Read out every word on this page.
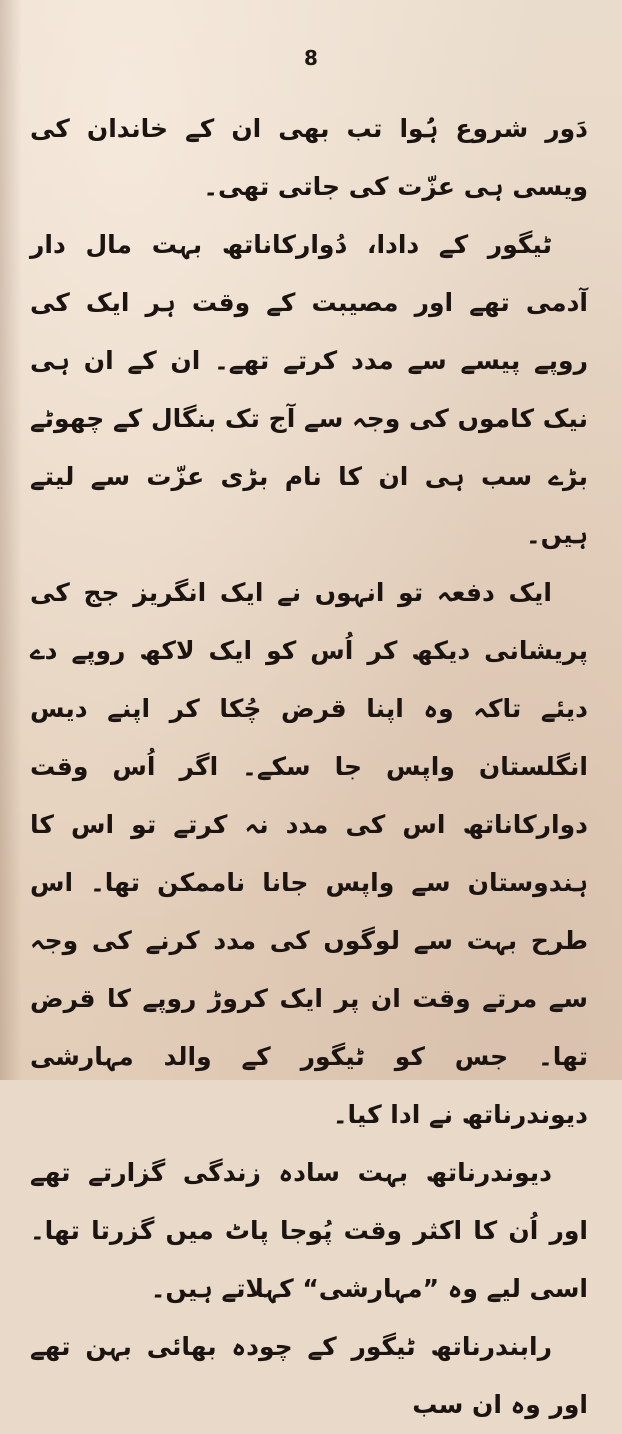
8

دَور شروع ہُوا تب بھی ان کے خاندان کی ویسی ہی عزّت کی جاتی تھی۔

ٹیگور کے دادا، دُوارکاناتھ بہت مال دار آدمی تھے اور مصیبت کے وقت ہر ایک کی روپے پیسے سے مدد کرتے تھے۔ ان کے ان ہی نیک کاموں کی وجہ سے آج تک بنگال کے چھوٹے بڑے سب ہی ان کا نام بڑی عزّت سے لیتے ہیں۔

ایک دفعہ تو انہوں نے ایک انگریز جج کی پریشانی دیکھ کر اُس کو ایک لاکھ روپے دے دیئے تاکہ وہ اپنا قرض چُکا کر اپنے دیس انگلستان واپس جا سکے۔ اگر اُس وقت دوارکاناتھ اس کی مدد نہ کرتے تو اس کا ہندوستان سے واپس جانا ناممکن تھا۔ اس طرح بہت سے لوگوں کی مدد کرنے کی وجہ سے مرتے وقت ان پر ایک کروڑ روپے کا قرض تھا۔ جس کو ٹیگور کے والد مہارشی دیوندرناتھ نے ادا کیا۔

دیوندرناتھ بہت سادہ زندگی گزارتے تھے اور اُن کا اکثر وقت پُوجا پاٹ میں گزرتا تھا۔ اسی لیے وہ ”مہارشی“ کہلاتے ہیں۔

رابندرناتھ ٹیگور کے چودہ بھائی بہن تھے اور وہ ان سب
